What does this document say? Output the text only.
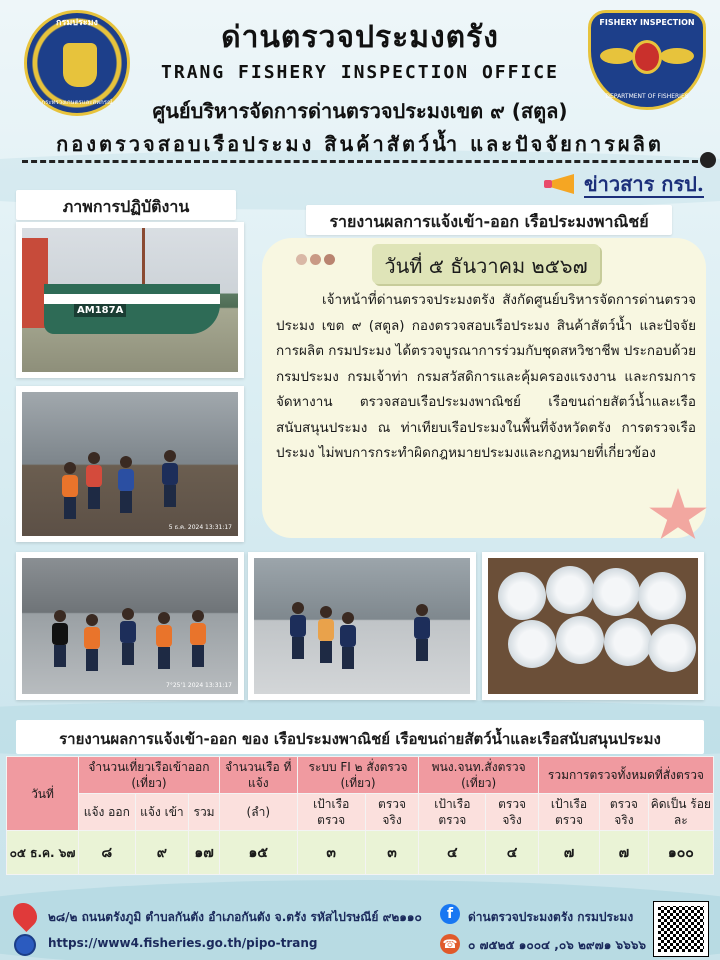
กรมประมง
กระทรวงเกษตรและสหกรณ์
FISHERY INSPECTION
DEPARTMENT OF FISHERIES
ด่านตรวจประมงตรัง
TRANG FISHERY INSPECTION OFFICE
ศูนย์บริหารจัดการด่านตรวจประมงเขต ๙ (สตูล)
กองตรวจสอบเรือประมง สินค้าสัตว์น้ำ และปัจจัยการผลิต
ข่าวสาร กรป.
ภาพการปฏิบัติงาน
รายงานผลการแจ้งเข้า-ออก เรือประมงพาณิชย์
AM187A
5 ธ.ค. 2024 13:31:17
7°25'1 2024 13:31:17
วันที่ ๕ ธันวาคม ๒๕๖๗
เจ้าหน้าที่ด่านตรวจประมงตรัง สังกัดศูนย์บริหารจัดการด่านตรวจประมง เขต ๙ (สตูล) กองตรวจสอบเรือประมง สินค้าสัตว์น้ำ และปัจจัยการผลิต กรมประมง ได้ตรวจบูรณาการร่วมกับชุดสหวิชาชีพ ประกอบด้วย กรมประมง กรมเจ้าท่า กรมสวัสดิการและคุ้มครองแรงงาน และกรมการจัดหางาน ตรวจสอบเรือประมงพาณิชย์ เรือขนถ่ายสัตว์น้ำและเรือสนับสนุนประมง ณ ท่าเทียบเรือประมงในพื้นที่จังหวัดตรัง การตรวจเรือประมง ไม่พบการกระทำผิดกฎหมายประมงและกฎหมายที่เกี่ยวข้อง
รายงานผลการแจ้งเข้า-ออก ของ เรือประมงพาณิชย์ เรือขนถ่ายสัตว์น้ำและเรือสนับสนุนประมง
วันที่	จำนวนเที่ยวเรือเข้าออก (เที่ยว)			จำนวนเรือ ที่แจ้ง	ระบบ FI ๒ สั่งตรวจ (เที่ยว)		พนง.จนท.สั่งตรวจ (เที่ยว)		รวมการตรวจทั้งหมดที่สั่งตรวจ		
	แจ้ง ออก	แจ้ง เข้า	รวม	(ลำ)	เป้าเรือ ตรวจ	ตรวจ จริง	เป้าเรือ ตรวจ	ตรวจ จริง	เป้าเรือ ตรวจ	ตรวจ จริง	คิดเป็น ร้อยละ
๐๕ ธ.ค. ๖๗	๘	๙	๑๗	๑๕	๓	๓	๔	๔	๗	๗	๑๐๐
๒๘/๒ ถนนตรังภูมิ ตำบลกันตัง อำเภอกันตัง จ.ตรัง รหัสไปรษณีย์ ๙๒๑๑๐
https://www4.fisheries.go.th/pipo-trang
f	ด่านตรวจประมงตรัง กรมประมง
☎ ๐ ๗๕๒๕ ๑๐๐๔ ,๐๖ ๒๙๗๑ ๖๖๖๖
